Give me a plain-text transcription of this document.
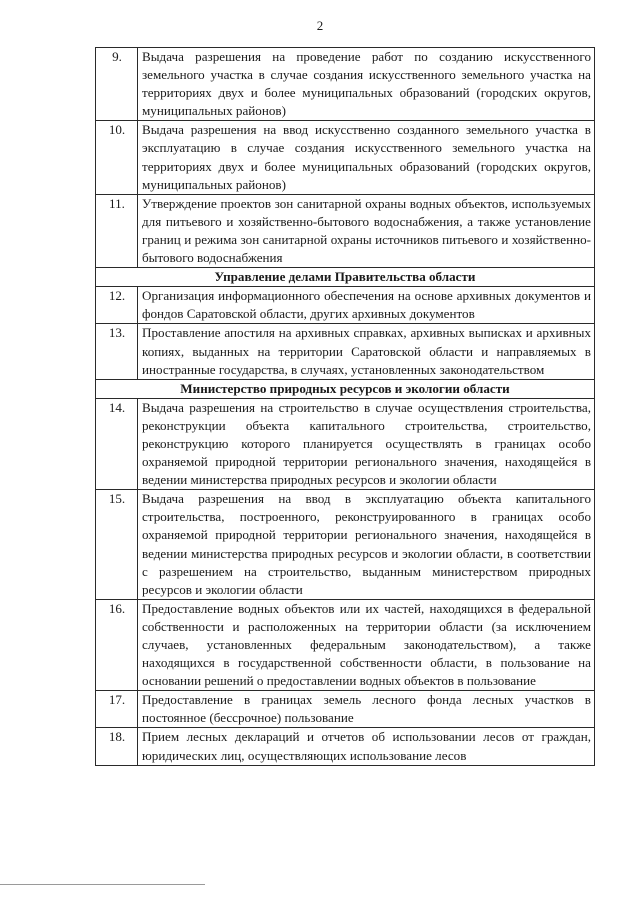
2
9.	Выдача разрешения на проведение работ по созданию искусственного земельного участка в случае создания искусственного земельного участка на территориях двух и более муниципальных образований (городских округов, муниципальных районов)
10.	Выдача разрешения на ввод искусственно созданного земельного участка в эксплуатацию в случае создания искусственного земельного участка на территориях двух и более муниципальных образований (городских округов, муниципальных районов)
11.	Утверждение проектов зон санитарной охраны водных объектов, используемых для питьевого и хозяйственно-бытового водоснабжения, а также установление границ и режима зон санитарной охраны источников питьевого и хозяйственно-бытового водоснабжения
Управление делами Правительства области	
12.	Организация информационного обеспечения на основе архивных документов и фондов Саратовской области, других архивных документов
13.	Проставление апостиля на архивных справках, архивных выписках и архивных копиях, выданных на территории Саратовской области и направляемых в иностранные государства, в случаях, установленных законодательством
Министерство природных ресурсов и экологии области	
14.	Выдача разрешения на строительство в случае осуществления строительства, реконструкции объекта капитального строительства, строительство, реконструкцию которого планируется осуществлять в границах особо охраняемой природной территории регионального значения, находящейся в ведении министерства природных ресурсов и экологии области
15.	Выдача разрешения на ввод в эксплуатацию объекта капитального строительства, построенного, реконструированного в границах особо охраняемой природной территории регионального значения, находящейся в ведении министерства природных ресурсов и экологии области, в соответствии с разрешением на строительство, выданным министерством природных ресурсов и экологии области
16.	Предоставление водных объектов или их частей, находящихся в федеральной собственности и расположенных на территории области (за исключением случаев, установленных федеральным законодательством), а также находящихся в государственной собственности области, в пользование на основании решений о предоставлении водных объектов в пользование
17.	Предоставление в границах земель лесного фонда лесных участков в постоянное (бессрочное) пользование
18.	Прием лесных деклараций и отчетов об использовании лесов от граждан, юридических лиц, осуществляющих использование лесов
